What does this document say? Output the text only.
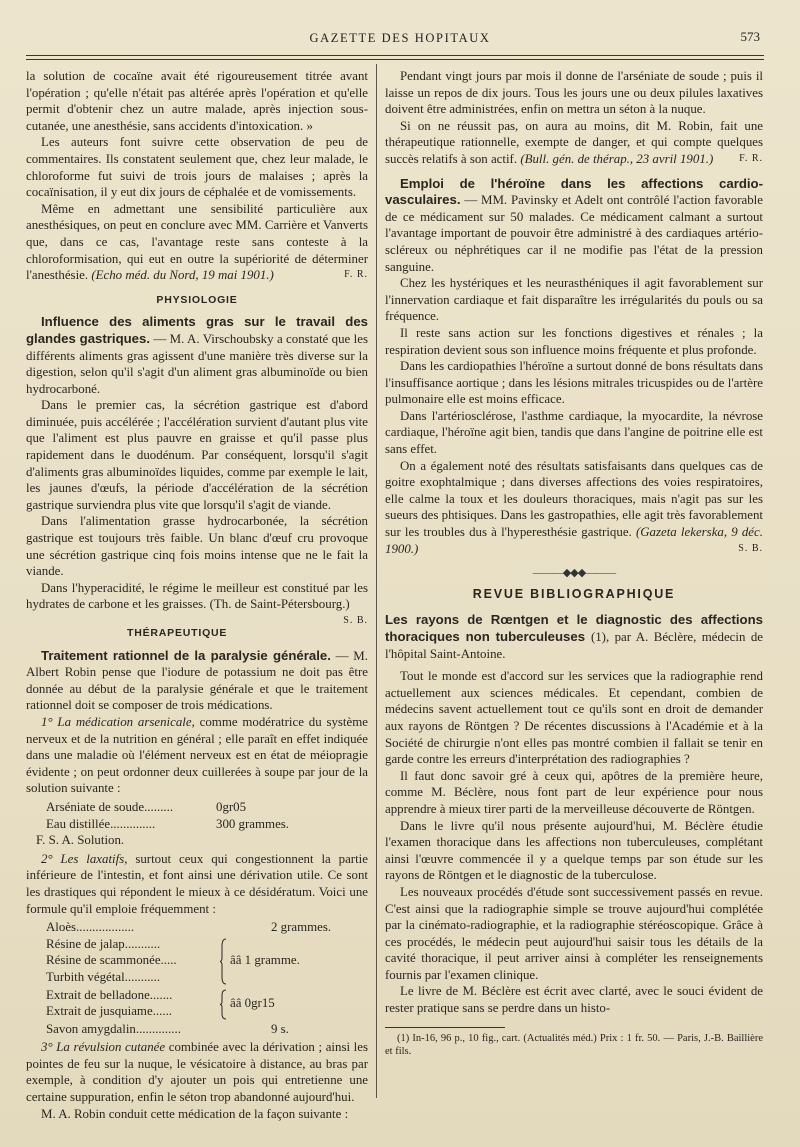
GAZETTE DES HOPITAUX	573

la solution de cocaïne avait été rigoureusement titrée avant l'opération ; qu'elle n'était pas altérée après l'opération et qu'elle permit d'obtenir chez un autre malade, après injection sous-cutanée, une anesthésie, sans accidents d'intoxication. »

Les auteurs font suivre cette observation de peu de commentaires. Ils constatent seulement que, chez leur malade, le chloroforme fut suivi de trois jours de malaises ; après la cocaïnisation, il y eut dix jours de céphalée et de vomissements.

Même en admettant une sensibilité particulière aux anesthésiques, on peut en conclure avec MM. Carrière et Vanverts que, dans ce cas, l'avantage reste sans conteste à la chloroformisation, qui eut en outre la supériorité de déterminer l'anesthésie. (Echo méd. du Nord, 19 mai 1901.)	F. R.

PHYSIOLOGIE

Influence des aliments gras sur le travail des glandes gastriques. — M. A. Virschoubsky a constaté que les différents aliments gras agissent d'une manière très diverse sur la digestion, selon qu'il s'agit d'un aliment gras albuminoïde ou bien hydrocarboné.

Dans le premier cas, la sécrétion gastrique est d'abord diminuée, puis accélérée ; l'accélération survient d'autant plus vite que l'aliment est plus pauvre en graisse et qu'il passe plus rapidement dans le duodénum. Par conséquent, lorsqu'il s'agit d'aliments gras albuminoïdes liquides, comme par exemple le lait, les jaunes d'œufs, la période d'accélération de la sécrétion gastrique surviendra plus vite que lorsqu'il s'agit de viande.

Dans l'alimentation grasse hydrocarbonée, la sécrétion gastrique est toujours très faible. Un blanc d'œuf cru provoque une sécrétion gastrique cinq fois moins intense que ne le fait la viande.

Dans l'hyperacidité, le régime le meilleur est constitué par les hydrates de carbone et les graisses. (Th. de Saint-Pétersbourg.)
S. B.

THÉRAPEUTIQUE

Traitement rationnel de la paralysie générale. — M. Albert Robin pense que l'iodure de potassium ne doit pas être donnée au début de la paralysie générale et que le traitement rationnel doit se composer de trois médications.

1° La médication arsenicale, comme modératrice du système nerveux et de la nutrition en général ; elle paraît en effet indiquée dans une maladie où l'élément nerveux est en état de méiopragie évidente ; on peut ordonner deux cuillerées à soupe par jour de la solution suivante :

Arséniate de soude.........	0gr05
Eau distillée..............	300 grammes.
F. S. A. Solution.

2° Les laxatifs, surtout ceux qui congestionnent la partie inférieure de l'intestin, et font ainsi une dérivation utile. Ce sont les drastiques qui répondent le mieux à ce désidératum. Voici une formule qu'il emploie fréquemment :

Aloès..................	2 grammes.
Résine de jalap...........
Résine de scammonée.....
Turbith végétal...........
ââ 1 gramme.
Extrait de belladone.......
Extrait de jusquiame......
ââ 0gr15
Savon amygdalin..............	9 s.

3° La révulsion cutanée combinée avec la dérivation ; ainsi les pointes de feu sur la nuque, le vésicatoire à distance, au bras par exemple, à condition d'y ajouter un pois qui entretienne une certaine suppuration, enfin le séton trop abandonné aujourd'hui.

M. A. Robin conduit cette médication de la façon suivante :

Pendant vingt jours par mois il donne de l'arséniate de soude ; puis il laisse un repos de dix jours. Tous les jours une ou deux pilules laxatives doivent être administrées, enfin on mettra un séton à la nuque.

Si on ne réussit pas, on aura au moins, dit M. Robin, fait une thérapeutique rationnelle, exempte de danger, et qui compte quelques succès relatifs à son actif. (Bull. gén. de thérap., 23 avril 1901.)	F. R.

Emploi de l'héroïne dans les affections cardio-vasculaires. — MM. Pavinsky et Adelt ont contrôlé l'action favorable de ce médicament sur 50 malades. Ce médicament calmant a surtout l'avantage important de pouvoir être administré à des cardiaques artério-scléreux ou néphrétiques car il ne modifie pas l'état de la pression sanguine.

Chez les hystériques et les neurasthéniques il agit favorablement sur l'innervation cardiaque et fait disparaître les irrégularités du pouls ou sa fréquence.

Il reste sans action sur les fonctions digestives et rénales ; la respiration devient sous son influence moins fréquente et plus profonde.

Dans les cardiopathies l'héroïne a surtout donné de bons résultats dans l'insuffisance aortique ; dans les lésions mitrales tricuspides ou de l'artère pulmonaire elle est moins efficace.

Dans l'artériosclérose, l'asthme cardiaque, la myocardite, la névrose cardiaque, l'héroïne agit bien, tandis que dans l'angine de poitrine elle est sans effet.

On a également noté des résultats satisfaisants dans quelques cas de goitre exophtalmique ; dans diverses affections des voies respiratoires, elle calme la toux et les douleurs thoraciques, mais n'agit pas sur les sueurs des phtisiques. Dans les gastropathies, elle agit très favorablement sur les troubles dus à l'hyperesthésie gastrique. (Gazeta lekerska, 9 déc. 1900.)	S. B.

———◆◆◆———
REVUE BIBLIOGRAPHIQUE
Les rayons de Rœntgen et le diagnostic des affections thoraciques non tuberculeuses (1), par A. Béclère, médecin de l'hôpital Saint-Antoine.

Tout le monde est d'accord sur les services que la radiographie rend actuellement aux sciences médicales. Et cependant, combien de médecins savent actuellement tout ce qu'ils sont en droit de demander aux rayons de Röntgen ? De récentes discussions à l'Académie et à la Société de chirurgie n'ont elles pas montré combien il fallait se tenir en garde contre les erreurs d'interprétation des radiographies ?

Il faut donc savoir gré à ceux qui, apôtres de la première heure, comme M. Béclère, nous font part de leur expérience pour nous apprendre à mieux tirer parti de la merveilleuse découverte de Röntgen.

Dans le livre qu'il nous présente aujourd'hui, M. Béclère étudie l'examen thoracique dans les affections non tuberculeuses, complétant ainsi l'œuvre commencée il y a quelque temps par son étude sur les rayons de Röntgen et le diagnostic de la tuberculose.

Les nouveaux procédés d'étude sont successivement passés en revue. C'est ainsi que la radiographie simple se trouve aujourd'hui complétée par la cinémato-radiographie, et la radiographie stéréoscopique. Grâce à ces procédés, le médecin peut aujourd'hui saisir tous les détails de la cavité thoracique, il peut arriver ainsi à compléter les renseignements fournis par l'examen clinique.

Le livre de M. Béclère est écrit avec clarté, avec le souci évident de rester pratique sans se perdre dans un histo-

(1) In-16, 96 p., 10 fig., cart. (Actualités méd.) Prix : 1 fr. 50. — Paris, J.-B. Baillière et fils.
